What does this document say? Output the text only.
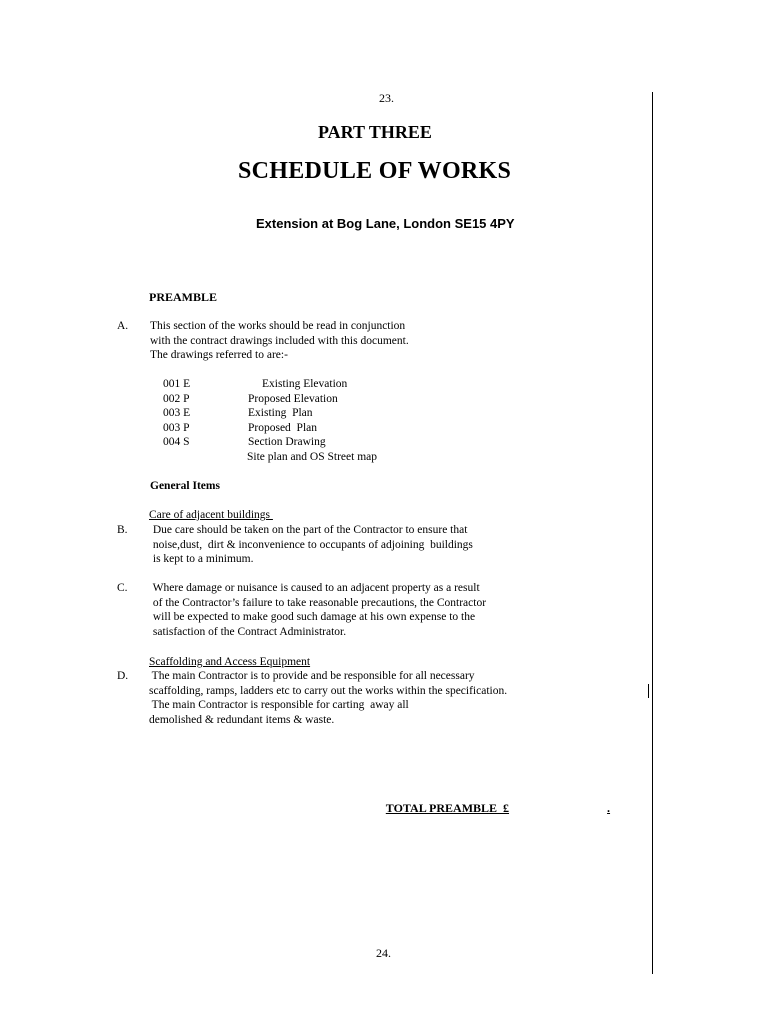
23.
PART THREE
SCHEDULE OF WORKS
Extension at Bog Lane, London SE15 4PY
PREAMBLE
A. This section of the works should be read in conjunction
with the contract drawings included with this document.
The drawings referred to are:-
001 E	Existing Elevation
002 P	Proposed Elevation
003 E	Existing  Plan
003 P	Proposed  Plan
004 S	Section Drawing
Site plan and OS Street map
General Items
Care of adjacent buildings
B. Due care should be taken on the part of the Contractor to ensure that
noise,dust,  dirt & inconvenience to occupants of adjoining  buildings
is kept to a minimum.
C. Where damage or nuisance is caused to an adjacent property as a result
of the Contractor’s failure to take reasonable precautions, the Contractor
will be expected to make good such damage at his own expense to the
satisfaction of the Contract Administrator.
Scaffolding and Access Equipment
D. The main Contractor is to provide and be responsible for all necessary
scaffolding, ramps, ladders etc to carry out the works within the specification.
The main Contractor is responsible for carting  away all
demolished & redundant items & waste.

TOTAL PREAMBLE  £	.

24.
